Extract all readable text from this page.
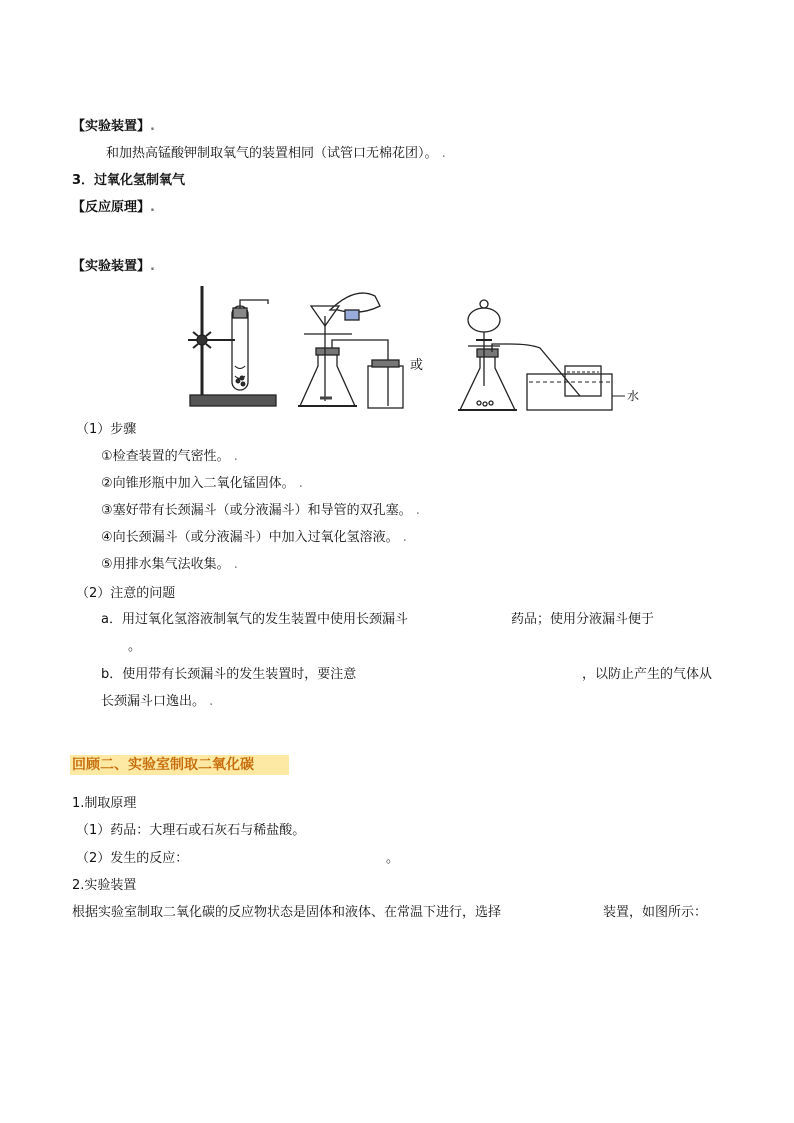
【实验装置】.
和加热高锰酸钾制取氧气的装置相同（试管口无棉花团）。 .
3．过氧化氢制氧气
【反应原理】.
【实验装置】.
或
水
（1）步骤
①检查装置的气密性。 .
②向锥形瓶中加入二氧化锰固体。 .
③塞好带有长颈漏斗（或分液漏斗）和导管的双孔塞。 .
④向长颈漏斗（或分液漏斗）中加入过氧化氢溶液。 .
⑤用排水集气法收集。 .
（2）注意的问题
a．用过氧化氢溶液制氧气的发生装置中使用长颈漏斗	药品；使用分液漏斗便于
。
b．使用带有长颈漏斗的发生装置时，要注意	，以防止产生的气体从
长颈漏斗口逸出。 .
回顾二、实验室制取二氧化碳
1.制取原理
（1）药品：大理石或石灰石与稀盐酸。
（2）发生的反应：	。
2.实验装置
根据实验室制取二氧化碳的反应物状态是固体和液体、在常温下进行，选择	装置，如图所示：
